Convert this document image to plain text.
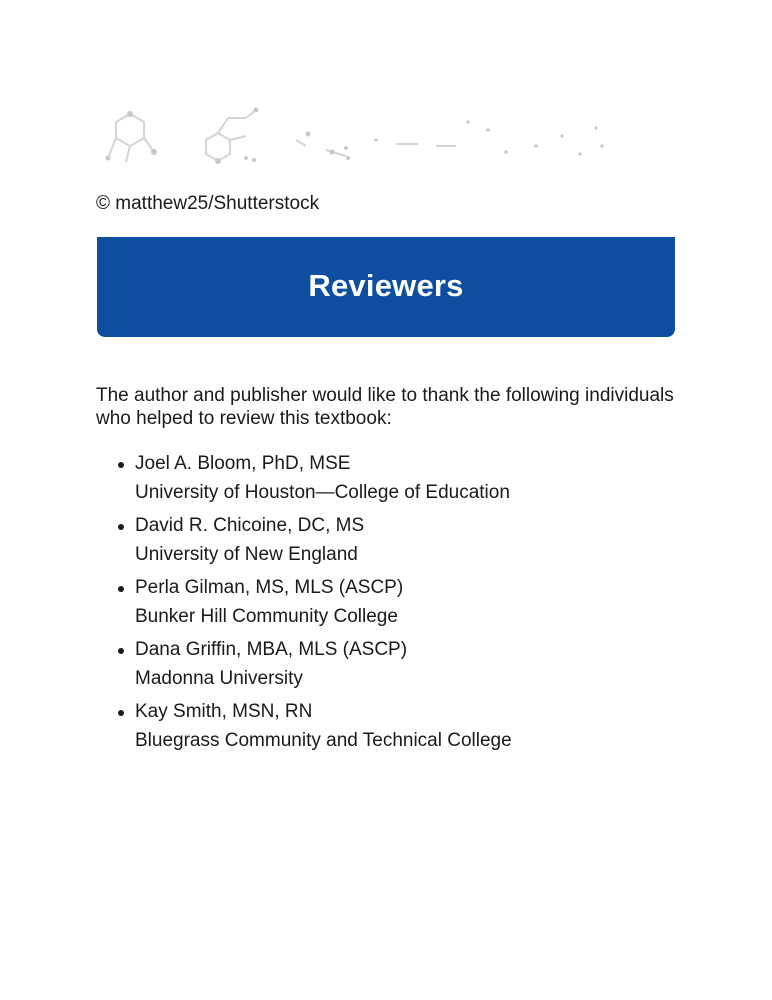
© matthew25/Shutterstock
Reviewers

The author and publisher would like to thank the following individuals who helped to review this textbook:

Joel A. Bloom, PhD, MSE
University of Houston—College of Education
David R. Chicoine, DC, MS
University of New England
Perla Gilman, MS, MLS (ASCP)
Bunker Hill Community College
Dana Griffin, MBA, MLS (ASCP)
Madonna University
Kay Smith, MSN, RN
Bluegrass Community and Technical College
